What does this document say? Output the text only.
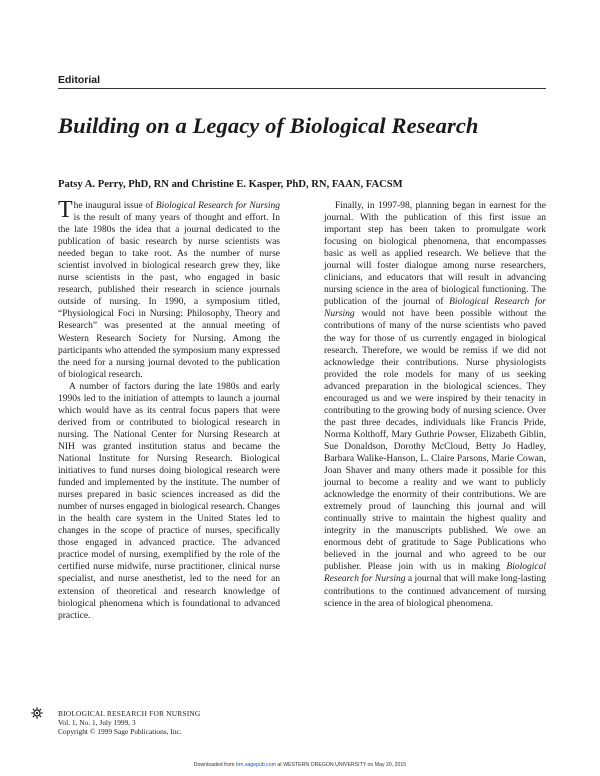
Editorial
Building on a Legacy of Biological Research

Patsy A. Perry, PhD, RN and Christine E. Kasper, PhD, RN, FAAN, FACSM

The inaugural issue of Biological Research for Nursing is the result of many years of thought and effort. In the late 1980s the idea that a journal dedicated to the publication of basic research by nurse scientists was needed began to take root. As the number of nurse scientist involved in biological research grew they, like nurse scientists in the past, who engaged in basic research, published their research in science journals outside of nursing. In 1990, a symposium titled, “Physiological Foci in Nursing: Philosophy, Theory and Research” was presented at the annual meeting of Western Research Society for Nursing. Among the participants who attended the symposium many expressed the need for a nursing journal devoted to the publication of biological research.

A number of factors during the late 1980s and early 1990s led to the initiation of attempts to launch a journal which would have as its central focus papers that were derived from or contributed to biological research in nursing. The National Center for Nursing Research at NIH was granted institution status and became the National Institute for Nursing Research. Biological initiatives to fund nurses doing biological research were funded and implemented by the institute. The number of nurses prepared in basic sciences increased as did the number of nurses engaged in biological research. Changes in the health care system in the United States led to changes in the scope of practice of nurses, specifically those engaged in advanced practice. The advanced practice model of nursing, exemplified by the role of the certified nurse midwife, nurse practitioner, clinical nurse specialist, and nurse anesthetist, led to the need for an extension of theoretical and research knowledge of biological phenomena which is foundational to advanced practice.

Finally, in 1997-98, planning began in earnest for the journal. With the publication of this first issue an important step has been taken to promulgate work focusing on biological phenomena, that encompasses basic as well as applied research. We believe that the journal will foster dialogue among nurse researchers, clinicians, and educators that will result in advancing nursing science in the area of biological functioning. The publication of the journal of Biological Research for Nursing would not have been possible without the contributions of many of the nurse scientists who paved the way for those of us currently engaged in biological research. Therefore, we would be remiss if we did not acknowledge their contributions. Nurse physiologists provided the role models for many of us seeking advanced preparation in the biological sciences. They encouraged us and we were inspired by their tenacity in contributing to the growing body of nursing science. Over the past three decades, individuals like Francis Pride, Norma Kolthoff, Mary Guthrie Powser, Elizabeth Giblin, Sue Donaldson, Dorothy McCloud, Betty Jo Hadley, Barbara Walike-Hanson, L. Claire Parsons, Marie Cowan, Joan Shaver and many others made it possible for this journal to become a reality and we want to publicly acknowledge the enormity of their contributions. We are extremely proud of launching this journal and will continually strive to maintain the highest quality and integrity in the manuscripts published. We owe an enormous debt of gratitude to Sage Publications who believed in the journal and who agreed to be our publisher. Please join with us in making Biological Research for Nursing a journal that will make long-lasting contributions to the continued advancement of nursing science in the area of biological phenomena.

BIOLOGICAL RESEARCH FOR NURSING
Vol. 1, No. 1, July 1999, 3
Copyright © 1999 Sage Publications, Inc.
Downloaded from brn.sagepub.com at WESTERN OREGON UNIVERSITY on May 20, 2015
